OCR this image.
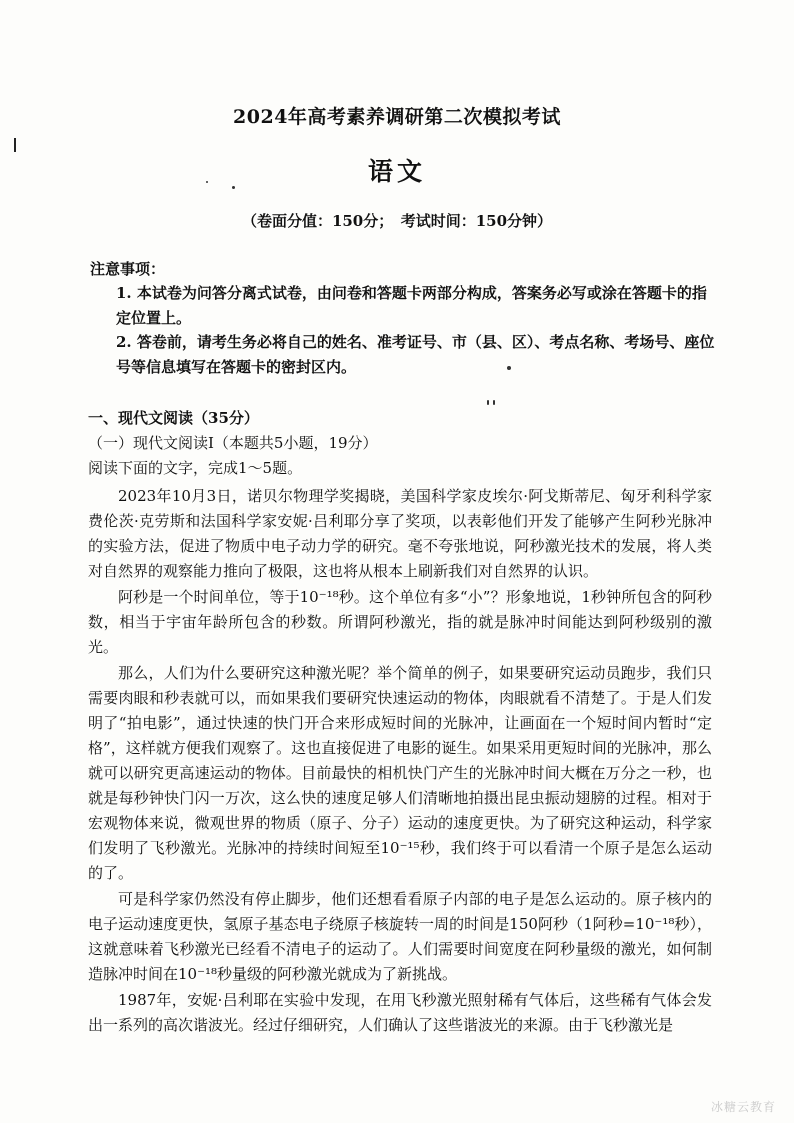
2024年高考素养调研第二次模拟考试
语文
（卷面分值：150分；　考试时间：150分钟）
注意事项：
1. 本试卷为问答分离式试卷，由问卷和答题卡两部分构成，答案务必写或涂在答题卡的指定位置上。
2. 答卷前，请考生务必将自己的姓名、准考证号、市（县、区）、考点名称、考场号、座位号等信息填写在答题卡的密封区内。
一、现代文阅读（35分）
（一）现代文阅读I（本题共5小题，19分）
阅读下面的文字，完成1～5题。

2023年10月3日，诺贝尔物理学奖揭晓，美国科学家皮埃尔·阿戈斯蒂尼、匈牙利科学家费伦茨·克劳斯和法国科学家安妮·吕利耶分享了奖项，以表彰他们开发了能够产生阿秒光脉冲的实验方法，促进了物质中电子动力学的研究。毫不夸张地说，阿秒激光技术的发展，将人类对自然界的观察能力推向了极限，这也将从根本上刷新我们对自然界的认识。

阿秒是一个时间单位，等于10⁻¹⁸秒。这个单位有多“小”？形象地说，1秒钟所包含的阿秒数，相当于宇宙年龄所包含的秒数。所谓阿秒激光，指的就是脉冲时间能达到阿秒级别的激光。

那么，人们为什么要研究这种激光呢？举个简单的例子，如果要研究运动员跑步，我们只需要肉眼和秒表就可以，而如果我们要研究快速运动的物体，肉眼就看不清楚了。于是人们发明了“拍电影”，通过快速的快门开合来形成短时间的光脉冲，让画面在一个短时间内暂时“定格”，这样就方便我们观察了。这也直接促进了电影的诞生。如果采用更短时间的光脉冲，那么就可以研究更高速运动的物体。目前最快的相机快门产生的光脉冲时间大概在万分之一秒，也就是每秒钟快门闪一万次，这么快的速度足够人们清晰地拍摄出昆虫振动翅膀的过程。相对于宏观物体来说，微观世界的物质（原子、分子）运动的速度更快。为了研究这种运动，科学家们发明了飞秒激光。光脉冲的持续时间短至10⁻¹⁵秒，我们终于可以看清一个原子是怎么运动的了。

可是科学家仍然没有停止脚步，他们还想看看原子内部的电子是怎么运动的。原子核内的电子运动速度更快，氢原子基态电子绕原子核旋转一周的时间是150阿秒（1阿秒=10⁻¹⁸秒），这就意味着飞秒激光已经看不清电子的运动了。人们需要时间宽度在阿秒量级的激光，如何制造脉冲时间在10⁻¹⁸秒量级的阿秒激光就成为了新挑战。

1987年，安妮·吕利耶在实验中发现，在用飞秒激光照射稀有气体后，这些稀有气体会发出一系列的高次谐波光。经过仔细研究，人们确认了这些谐波光的来源。由于飞秒激光是

冰糖云教育
